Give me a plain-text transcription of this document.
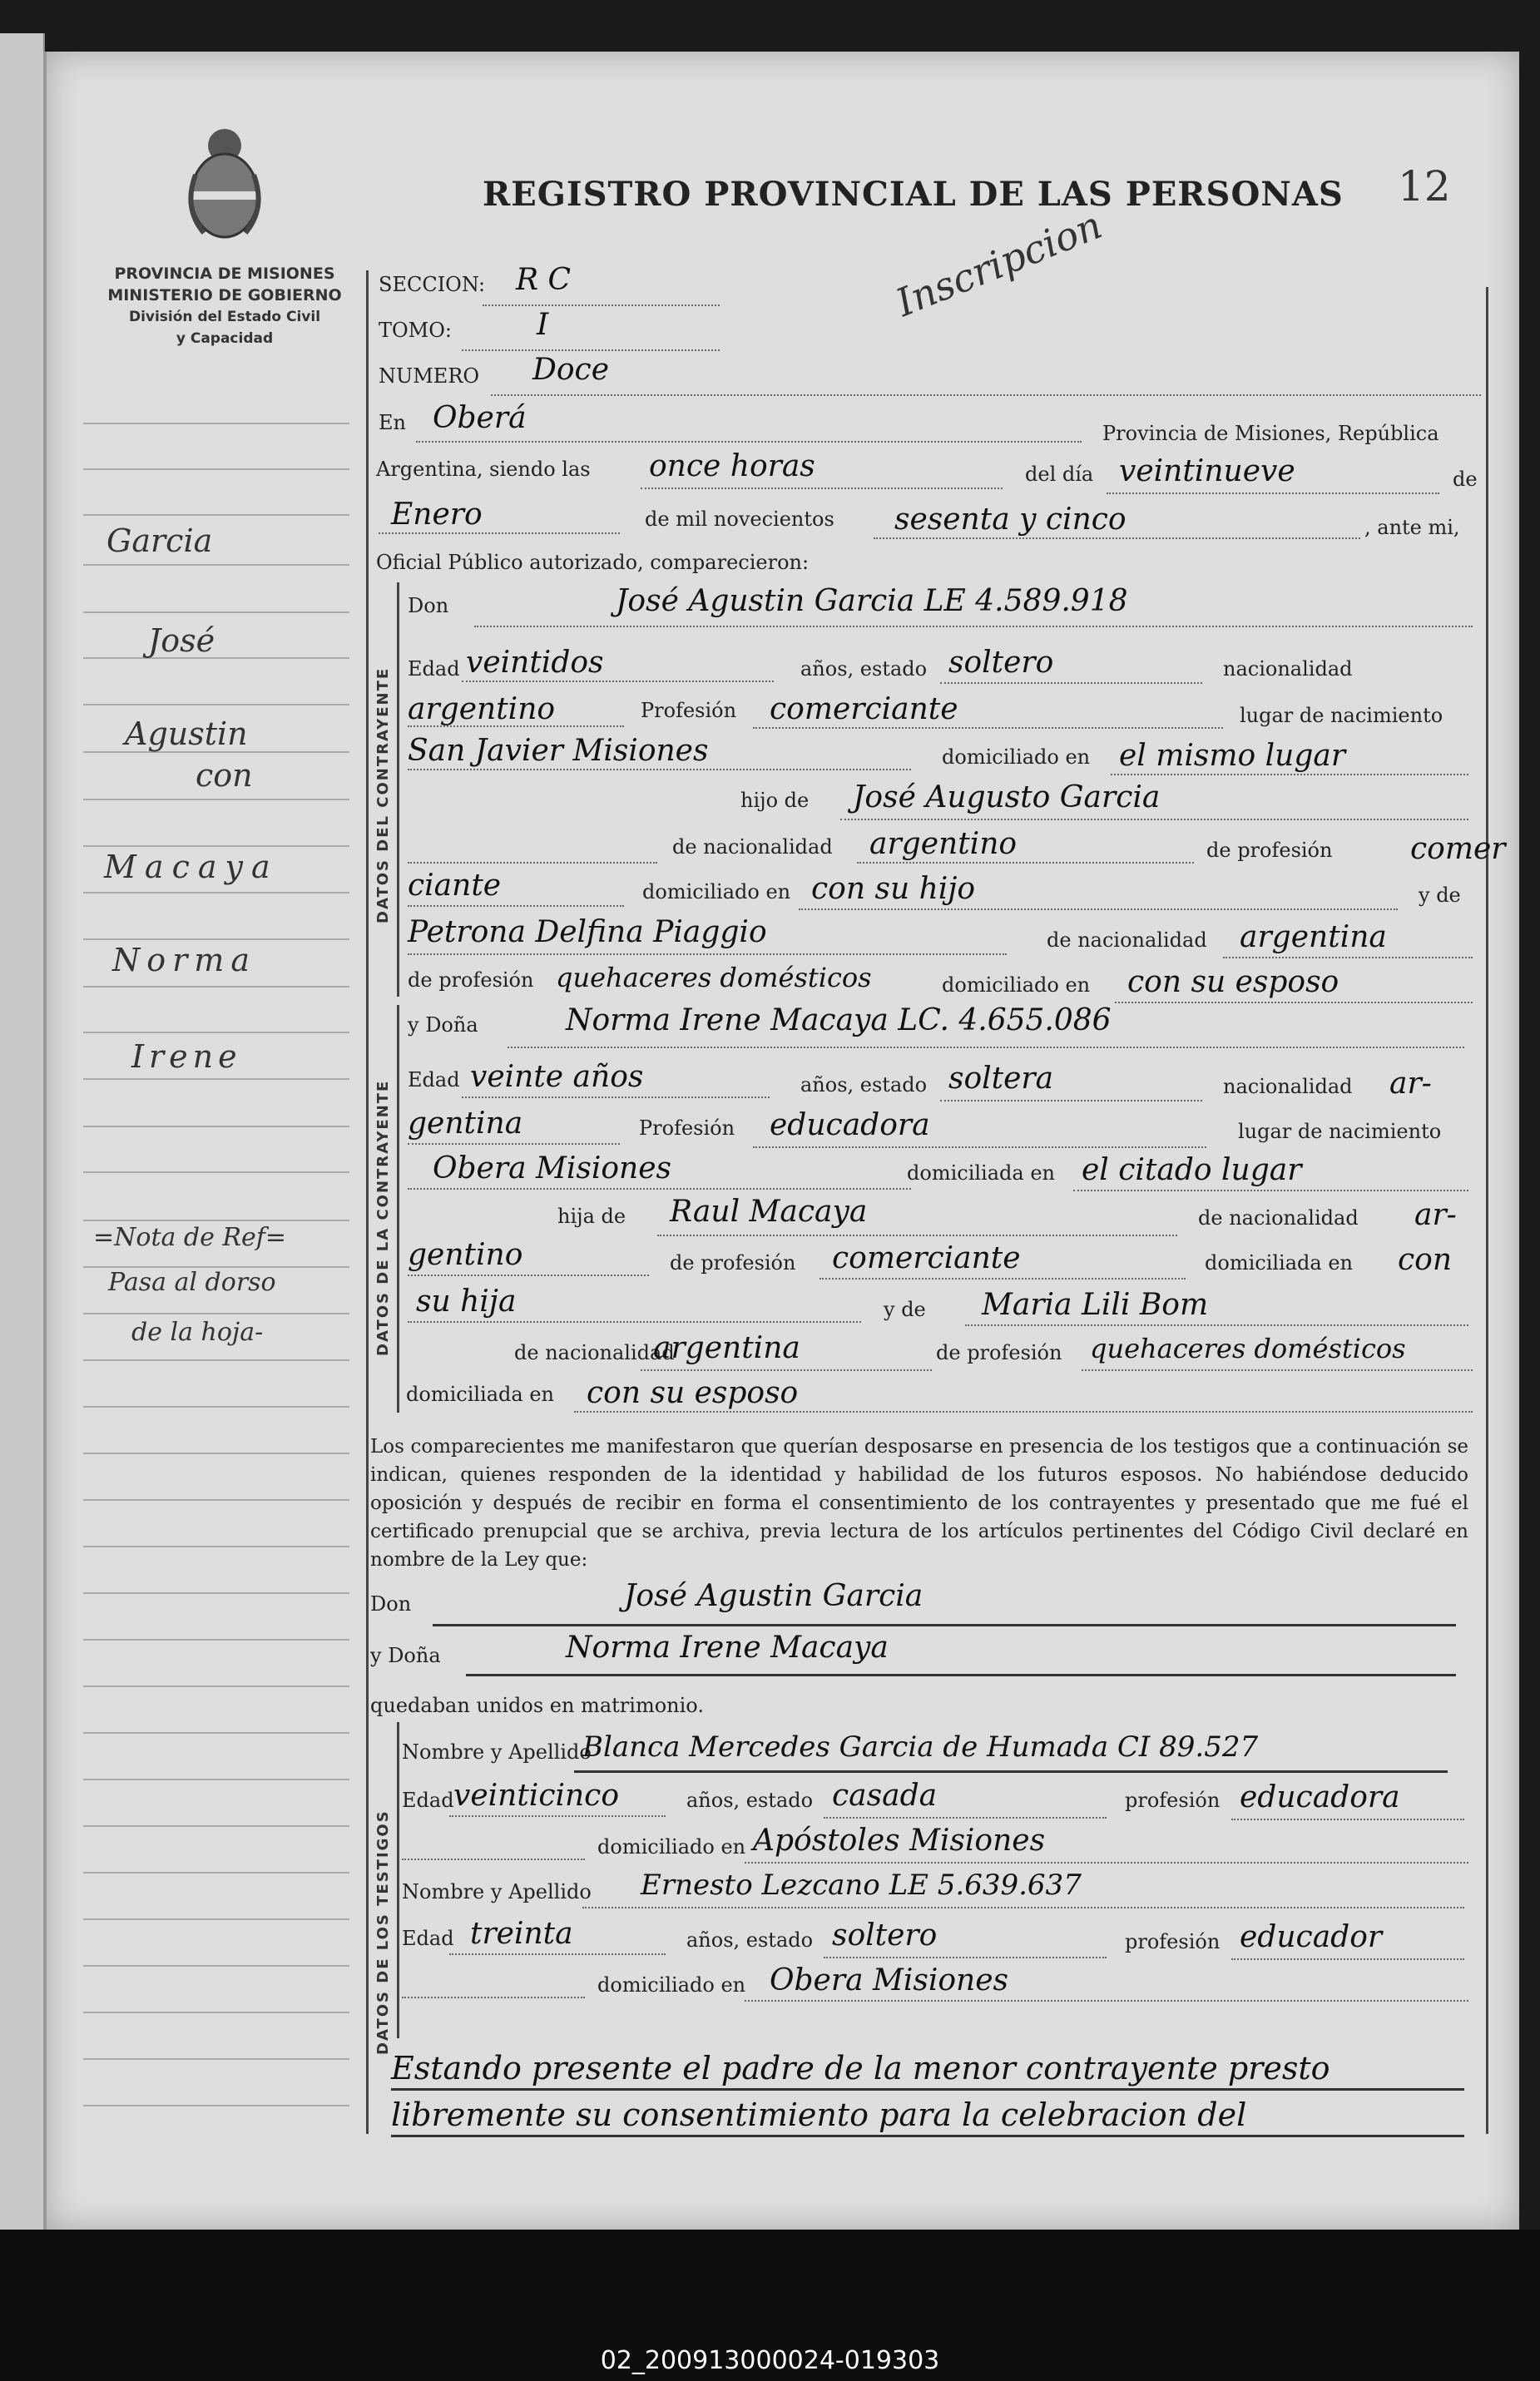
REGISTRO PROVINCIAL DE LAS PERSONAS 12
PROVINCIA DE MISIONES
MINISTERIO DE GOBIERNO
División del Estado Civil
y Capacidad
Inscripcion
Garcia
José
Agustin
con
Macaya
Norma
Irene
=Nota de Ref=
Pasa al dorso
de la hoja-
SECCION: R C
TOMO:	I
NUMERO Doce
En Oberá	Provincia de Misiones, República
Argentina, siendo las once horas	del día veintinueve	de
Enero	de mil novecientos sesenta y cinco	, ante mi,
Oficial Público autorizado, comparecieron:
DATOS DEL CONTRAYENTE
Don	José Agustin Garcia LE 4.589.918
Edad veintidos	años, estado soltero	nacionalidad
argentino	Profesión comerciante	lugar de nacimiento
San Javier Misiones	domiciliado en el mismo lugar
hijo de José Augusto Garcia
de nacionalidad argentino	de profesión	comer
ciante	domiciliado en con su hijo	y de
Petrona Delfina Piaggio	de nacionalidad argentina
de profesión quehaceres domésticos	domiciliado en con su esposo
DATOS DE LA CONTRAYENTE
y Doña	Norma Irene Macaya LC. 4.655.086
Edad veinte años	años, estado soltera	nacionalidad ar-
gentina	Profesión educadora	lugar de nacimiento
Obera Misiones	domiciliada en el citado lugar
hija de Raul Macaya	de nacionalidad ar-
gentino	de profesión comerciante	domiciliada en con
su hija	y de Maria Lili Bom
de nacionalidad
argentina	de profesión quehaceres domésticos
domiciliada en con su esposo
Los comparecientes me manifestaron que querían desposarse en presencia de los testigos que a continuación se indican, quienes responden de la identidad y habilidad de los futuros esposos. No habiéndose deducido oposición y después de recibir en forma el consentimiento de los contrayentes y presentado que me fué el certificado prenupcial que se archiva, previa lectura de los artículos pertinentes del Código Civil declaré en nombre de la Ley que:
Don	José Agustin Garcia
y Doña	Norma Irene Macaya
quedaban unidos en matrimonio.
DATOS DE LOS TESTIGOS
Nombre y Apellido
Blanca Mercedes Garcia de Humada CI 89.527
Edad veinticinco	años, estado casada	profesión educadora
domiciliado en Apóstoles Misiones
Nombre y Apellido Ernesto Lezcano LE 5.639.637
Edad treinta	años, estado soltero	profesión educador
domiciliado en Obera Misiones
Estando presente el padre de la menor contrayente presto
libremente su consentimiento para la celebracion del
02_200913000024-019303
